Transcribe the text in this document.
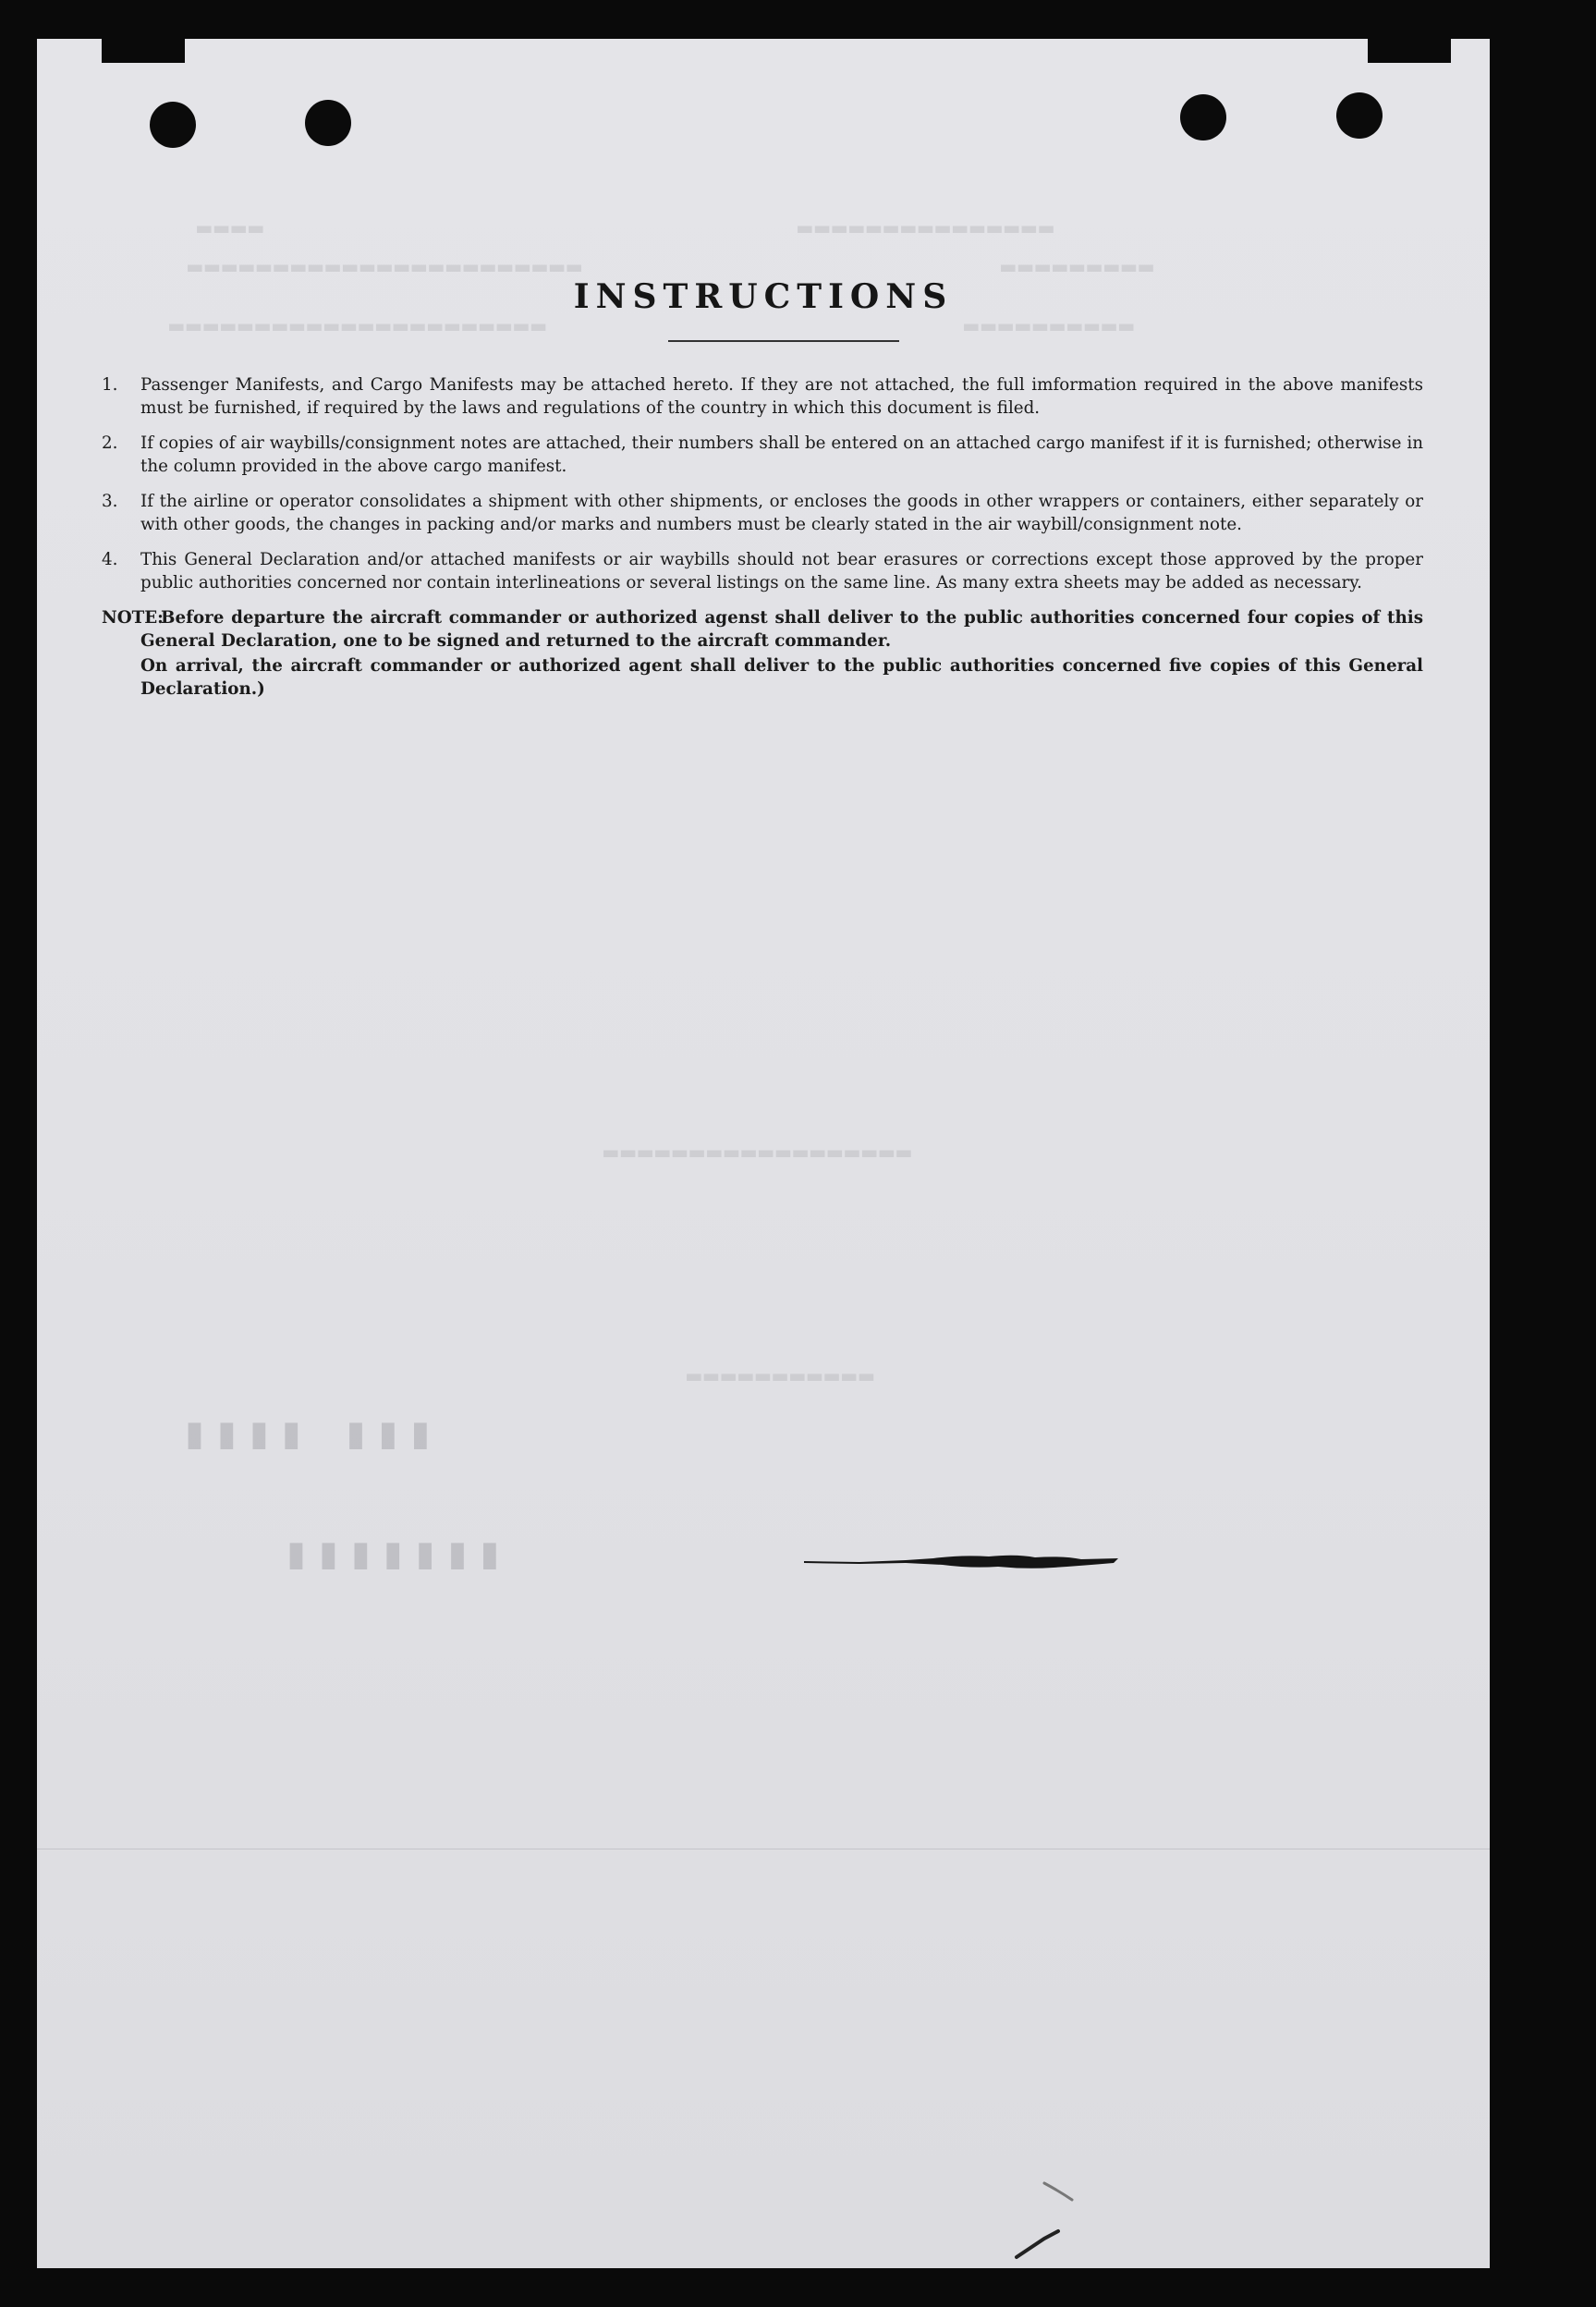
▬▬▬▬	▬▬▬▬▬▬▬▬▬▬▬▬▬▬▬
▬▬▬▬▬▬▬▬▬▬▬▬▬▬▬▬▬▬▬▬▬▬▬	▬▬▬▬▬▬▬▬▬
▬▬▬▬▬▬▬▬▬▬▬▬▬▬▬▬▬▬▬▬▬▬	▬▬▬▬▬▬▬▬▬▬
▬▬▬▬▬▬▬▬▬▬▬▬▬▬▬▬▬▬
▬▬▬▬▬▬▬▬▬▬▬
INSTRUCTIONS
1. Passenger Manifests, and Cargo Manifests may be attached hereto. If they are not attached, the full imformation required in the above manifests must be furnished, if required by the laws and regulations of the country in which this document is filed.
2. If copies of air waybills/consignment notes are attached, their numbers shall be entered on an attached cargo manifest if it is furnished; otherwise in the column provided in the above cargo manifest.
3. If the airline or operator consolidates a shipment with other shipments, or encloses the goods in other wrappers or containers, either separately or with other goods, the changes in packing and/or marks and numbers must be clearly stated in the air waybill/consignment note.
4. This General Declaration and/or attached manifests or air waybills should not bear erasures or corrections except those approved by the proper public authorities concerned nor contain interlineations or several listings on the same line. As many extra sheets may be added as necessary.
NOTE:

Before departure the aircraft commander or authorized agenst shall deliver to the public authorities concerned four copies of this General Declaration, one to be signed and returned to the aircraft commander.

On arrival, the aircraft commander or authorized agent shall deliver to the public authorities concerned five copies of this General Declaration.)

▮▮▮ ▮▮▮▮
▮▮▮▮▮▮▮
